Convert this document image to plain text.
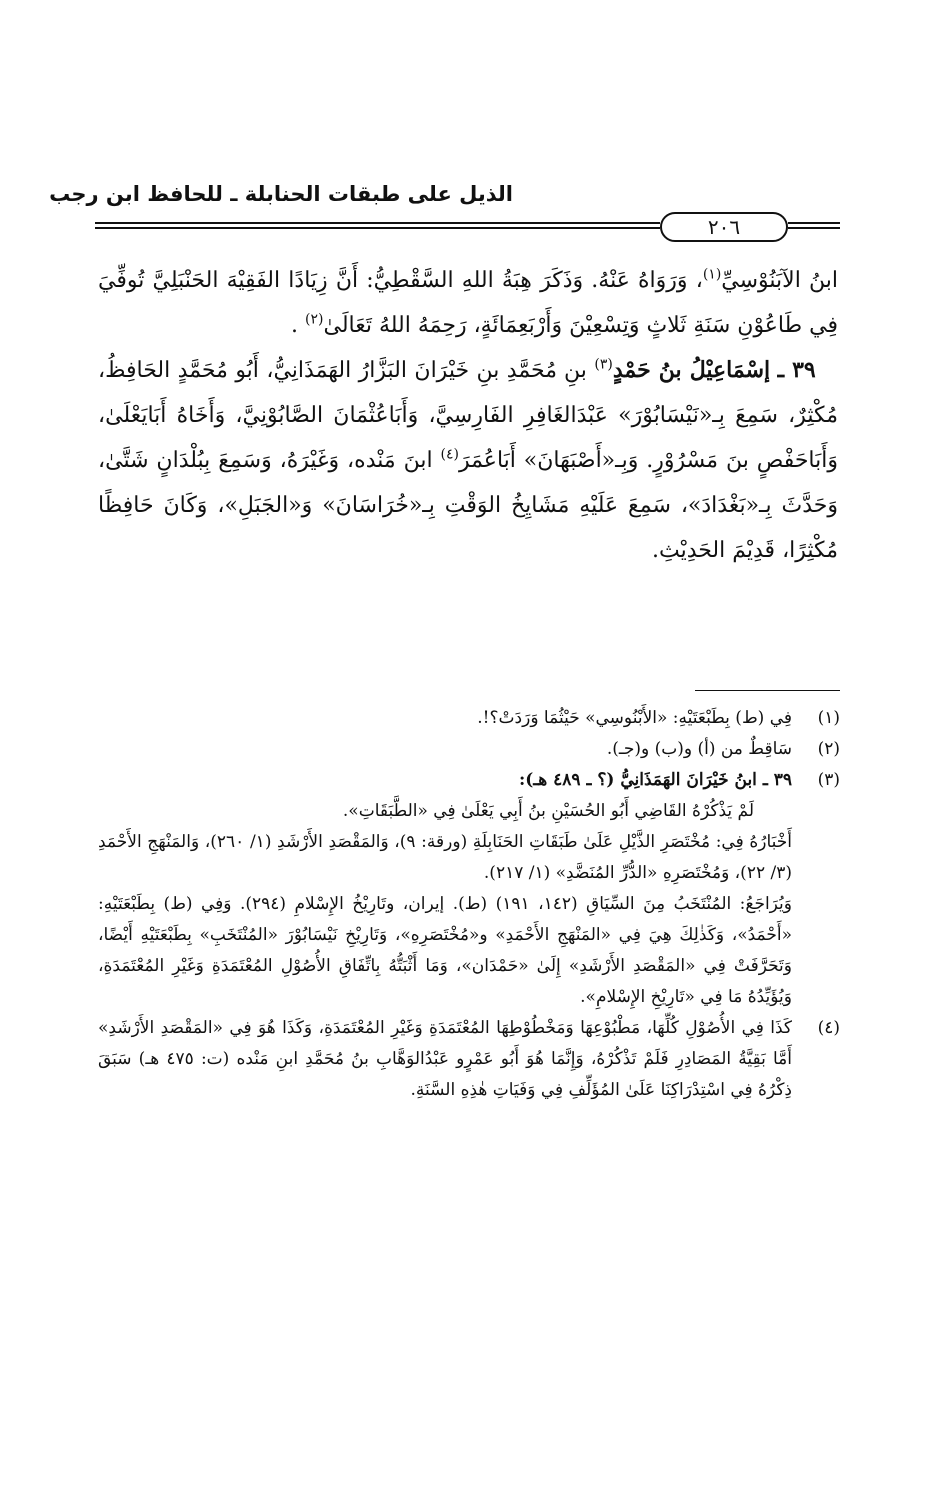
الذيل على طبقات الحنابلة ـ للحافظ ابن رجب
٢٠٦

ابنُ الآبَنُوْسِيِّ$^{(١)}$، وَرَوَاهُ عَنْهُ. وَذَكَرَ هِبَةُ اللهِ السَّقْطِيُّ: أَنَّ زِيَادًا الفَقِيْهَ الحَنْبَلِيَّ تُوفِّيَ فِي طَاعُوْنِ سَنَةِ ثَلاثٍ وَتِسْعِيْنَ وَأَرْبَعِمَائَةٍ، رَحِمَهُ اللهُ تَعَالَىٰ$^{(٢)}$ .

٣٩ ـ إسْمَاعِيْلُ بنُ حَمْدٍ$^{(٣)}$ بنِ مُحَمَّدِ بنِ خَيْرَانَ البَزَّارُ الهَمَذَانِيُّ، أَبُو مُحَمَّدٍ الحَافِظُ، مُكْثِرٌ، سَمِعَ بِـ«نَيْسَابُوْرَ» عَبْدَالغَافِرِ الفَارِسِيَّ، وَأَبَاعُثْمَانَ الصَّابُوْنِيَّ، وَأَخَاهُ أَبَايَعْلَىٰ، وَأَبَاحَفْصٍ بنَ مَسْرُوْرٍ. وَبِـ«أَصْبَهَانَ» أَبَاعُمَرَ$^{(٤)}$ ابنَ مَنْده، وَغَيْرَهُ، وَسَمِعَ بِبُلْدَانٍ شَتَّىٰ، وَحَدَّثَ بِـ«بَغْدَادَ»، سَمِعَ عَلَيْهِ مَشَايِخُ الوَقْتِ بِـ«خُرَاسَانَ» وَ«الجَبَلِ»، وَكَانَ حَافِظًا مُكْثِرًا، قَدِيْمَ الحَدِيْثِ.

(١)
فِي (ط) بِطَبْعَتَيْهِ: «الأَبْنُوسِي» حَيْثُمَا وَرَدَتْ؟!.
(٢)
سَاقِطٌ من (أ) و(ب) و(جـ).
(٣)
٣٩ ـ ابنُ خَيْرَانَ الهَمَذَانِيُّ (؟ ـ ٤٨٩ هـ):
لَمْ يَذْكُرْهُ القَاضِي أَبُو الحُسَيْنِ بنُ أَبِي يَعْلَىٰ فِي «الطَّبَقَاتِ».
أَخْبَارُهُ فِي: مُخْتَصَرِ الذَّيْلِ عَلَىٰ طَبَقَاتِ الحَنَابِلَةِ (ورقة: ٩)، وَالمَقْصَدِ الأَرْشَدِ (١/ ٢٦٠)، وَالمَنْهَجِ الأَحْمَدِ (٣/ ٢٢)، وَمُخْتَصَرِهِ «الدُّرِّ المُنَضَّدِ» (١/ ٢١٧).
وَيُرَاجَعُ: المُنْتَخَبُ مِنَ السِّيَاقِ (١٤٢، ١٩١) (ط). إيران، وتَارِيْخُ الإِسْلامِ (٢٩٤). وَفِي (ط) بِطَبْعَتَيْهِ: «أَحْمَدُ»، وَكَذٰلِكَ هِيَ فِي «المَنْهَجِ الأَحْمَدِ» و«مُخْتَصَرِهِ»، وَتَارِيْخِ نَيْسَابُوْرَ «المُنْتَخَبِ» بِطَبْعَتَيْهِ أَيْضًا، وَتَحَرَّفَتْ فِي «المَقْصَدِ الأَرْشَدِ» إِلَىٰ «حَمْدَان»، وَمَا أَثْبَتُّهُ بِاتِّفَاقِ الأُصُوْلِ المُعْتَمَدَةِ وَغَيْرِ المُعْتَمَدَةِ، وَيُؤَيِّدُهُ مَا فِي «تَارِيْخِ الإِسْلامِ».
(٤)
كَذَا فِي الأُصُوْلِ كُلِّهَا، مَطْبُوْعِهَا وَمَخْطُوْطِهَا المُعْتَمَدَةِ وَغَيْرِ المُعْتَمَدَةِ، وَكَذَا هُوَ فِي «المَقْصَدِ الأَرْشَدِ» أَمَّا بَقِيَّةُ المَصَادِرِ فَلَمْ تَذْكُرْهُ، وَإِنَّمَا هُوَ أَبُو عَمْرٍو عَبْدُالوَهَّابِ بنُ مُحَمَّدِ ابنِ مَنْده (ت: ٤٧٥ هـ) سَبَقَ ذِكْرُهُ فِي اسْتِدْرَاكِنَا عَلَىٰ المُؤَلِّفِ فِي وَفَيَاتِ هٰذِهِ السَّنَةِ.
